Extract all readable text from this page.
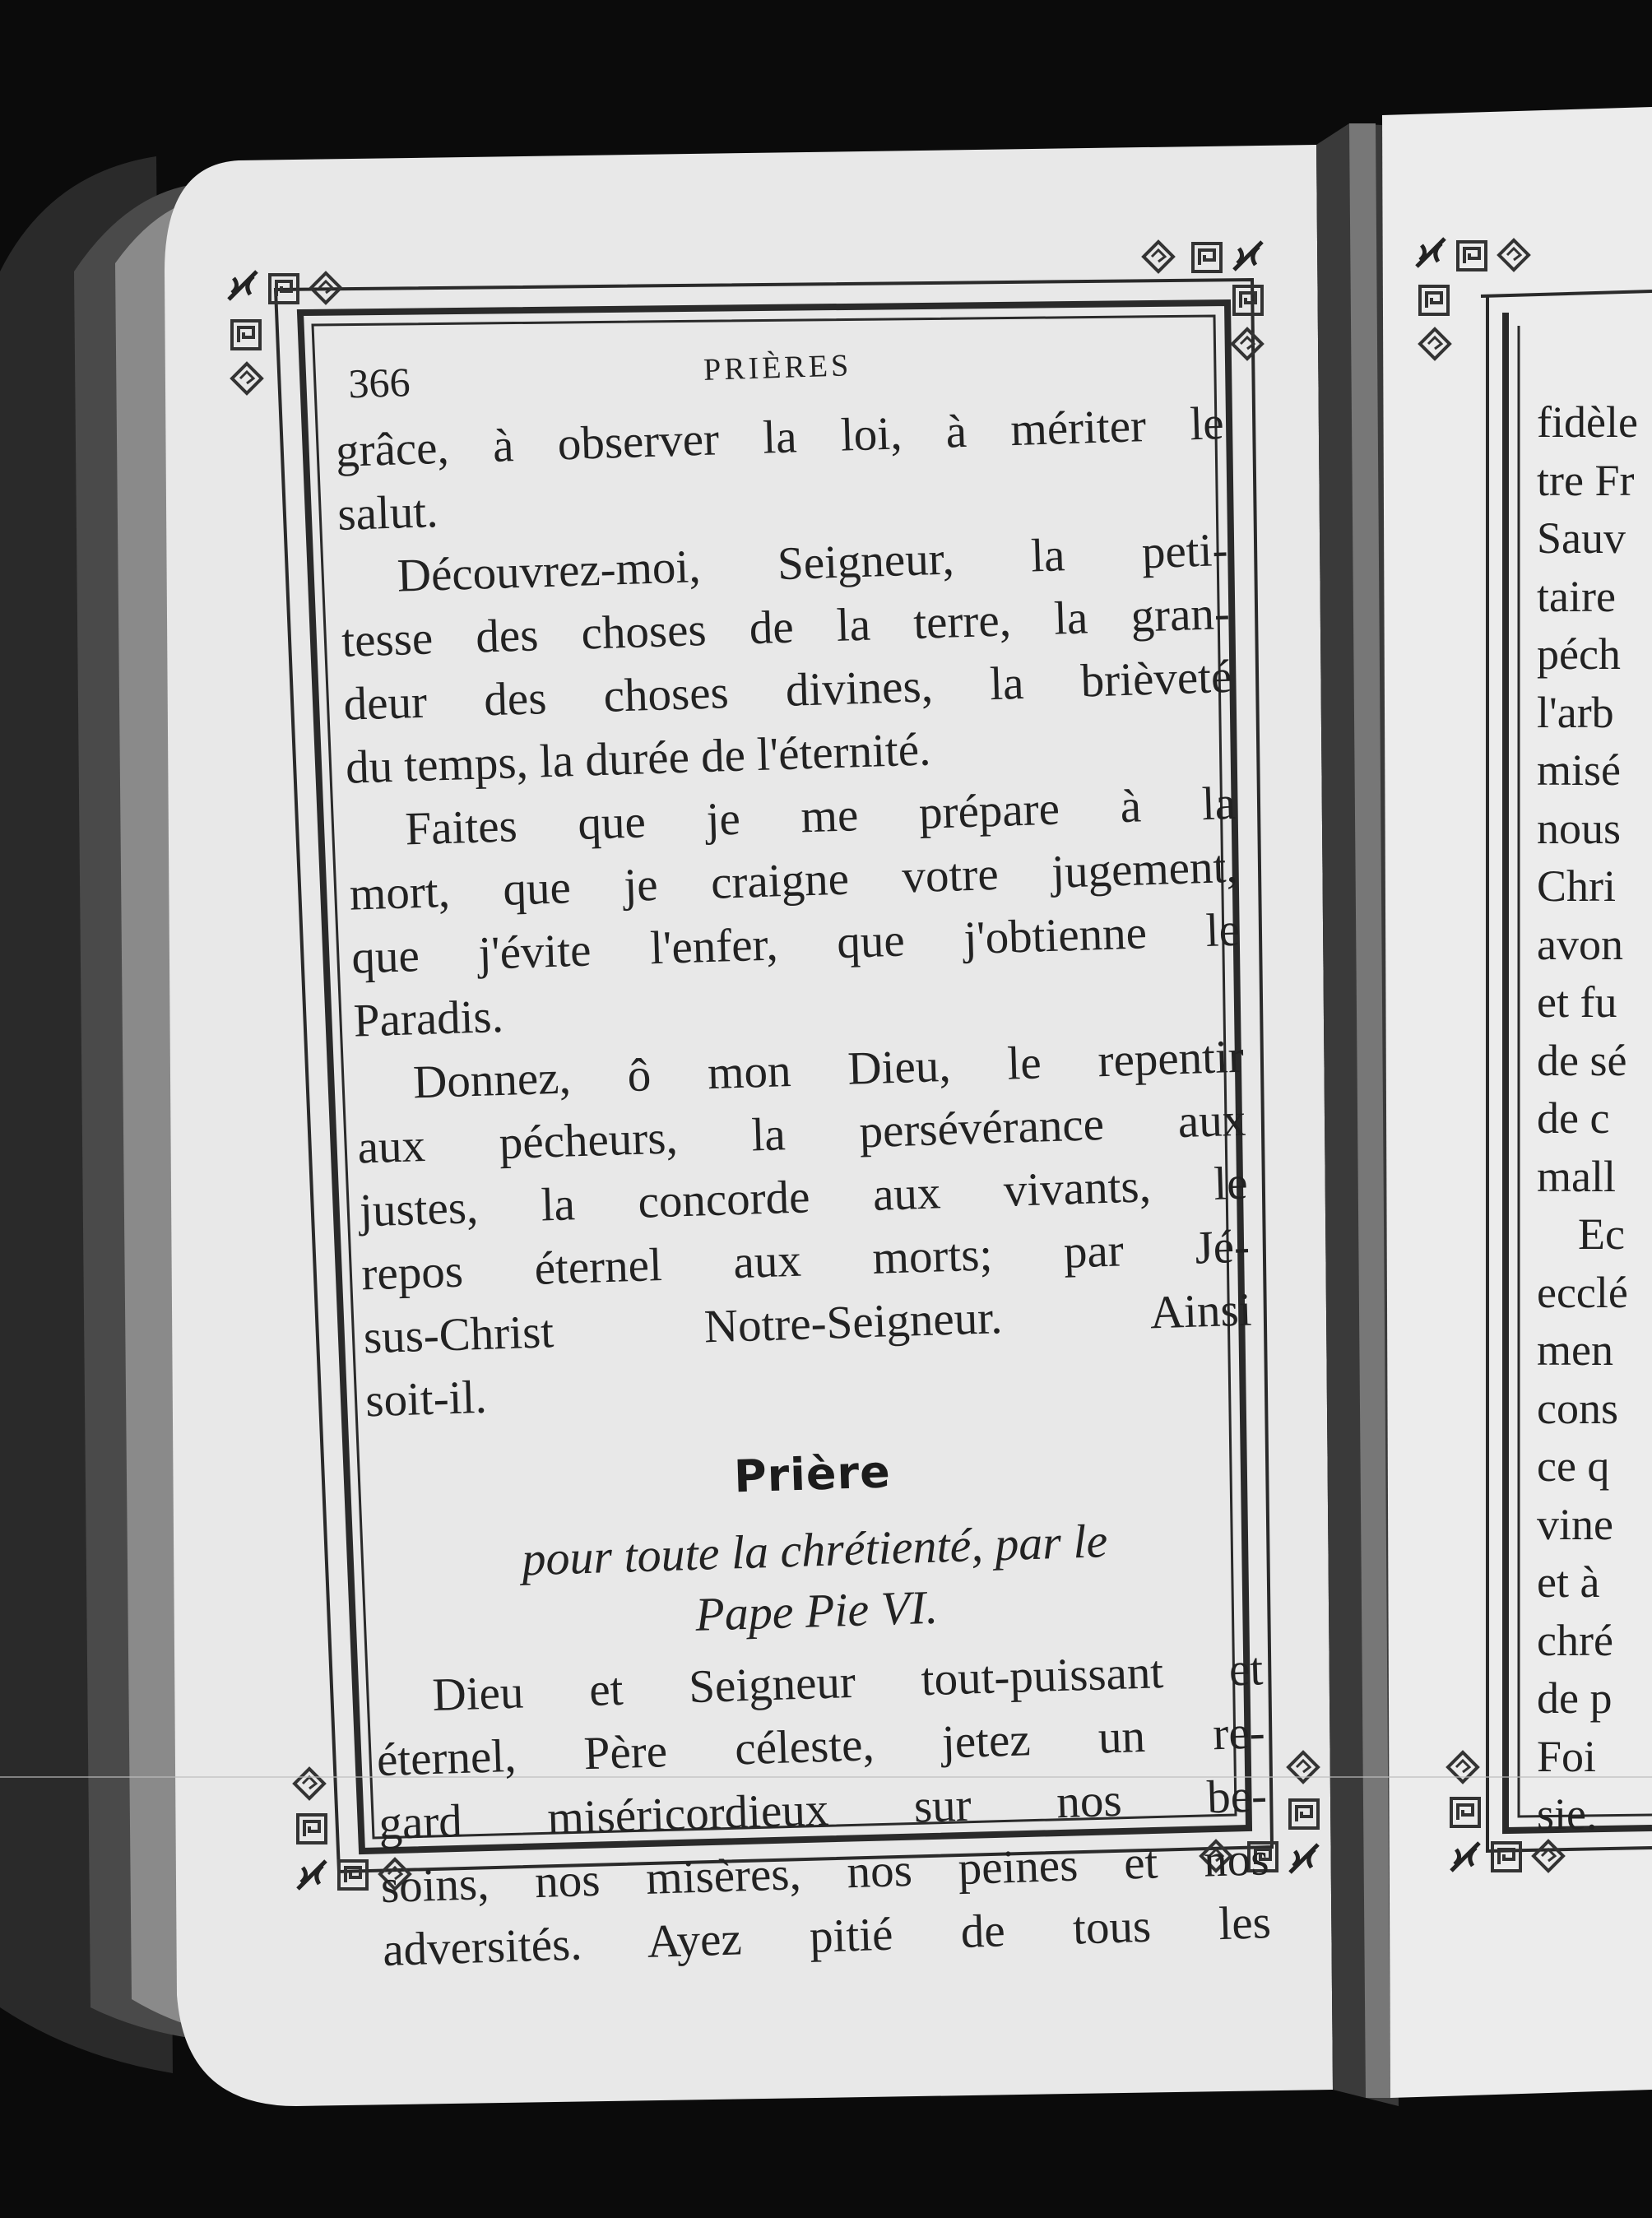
366	PRIÈRES
grâce, à observer la loi, à mériter le
salut.
Découvrez-moi, Seigneur, la peti-
tesse des choses de la terre, la gran-
deur des choses divines, la brièveté
du temps, la durée de l'éternité.
Faites que je me prépare à la
mort, que je craigne votre jugement,
que j'évite l'enfer, que j'obtienne le
Paradis.
Donnez, ô mon Dieu, le repentir
aux pécheurs, la persévérance aux
justes, la concorde aux vivants, le
repos éternel aux morts; par Jé-
sus-Christ Notre-Seigneur. Ainsi
soit-il.
Prière
pour toute la chrétienté, par le
Pape Pie VI.
Dieu et Seigneur tout-puissant et
éternel, Père céleste, jetez un re-
gard miséricordieux sur nos be-
soins, nos misères, nos peines et nos
adversités. Ayez pitié de tous les
fidèle
tre Fr
Sauv
taire
péch
l'arb
misé
nous
Chri
avon
et fu
de sé
de c
mall
Ec
ecclé
men
cons
ce q
vine
et à
chré
de p
Foi
sie.
